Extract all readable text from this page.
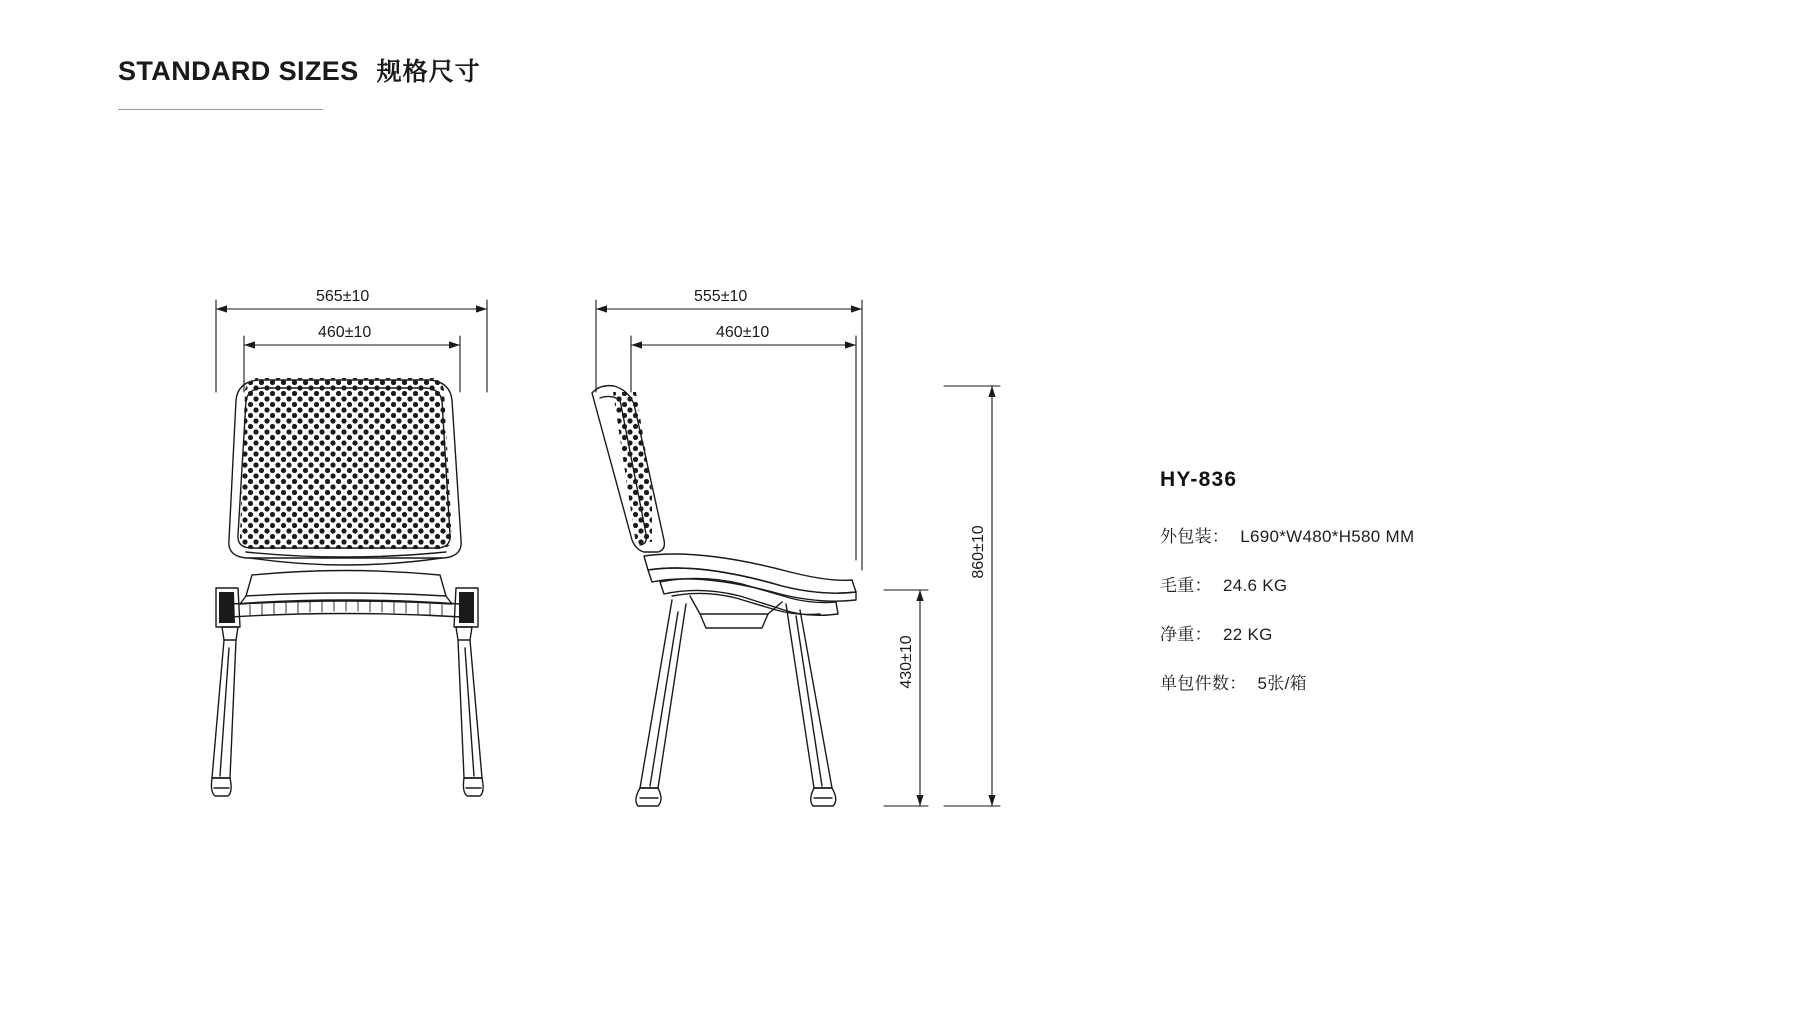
STANDARD SIZES 规格尺寸
565±10
460±10
555±10
460±10
860±10
430±10
HY-836
外包装： L690*W480*H580 MM
毛重： 24.6 KG
净重： 22 KG
单包件数： 5张/箱
